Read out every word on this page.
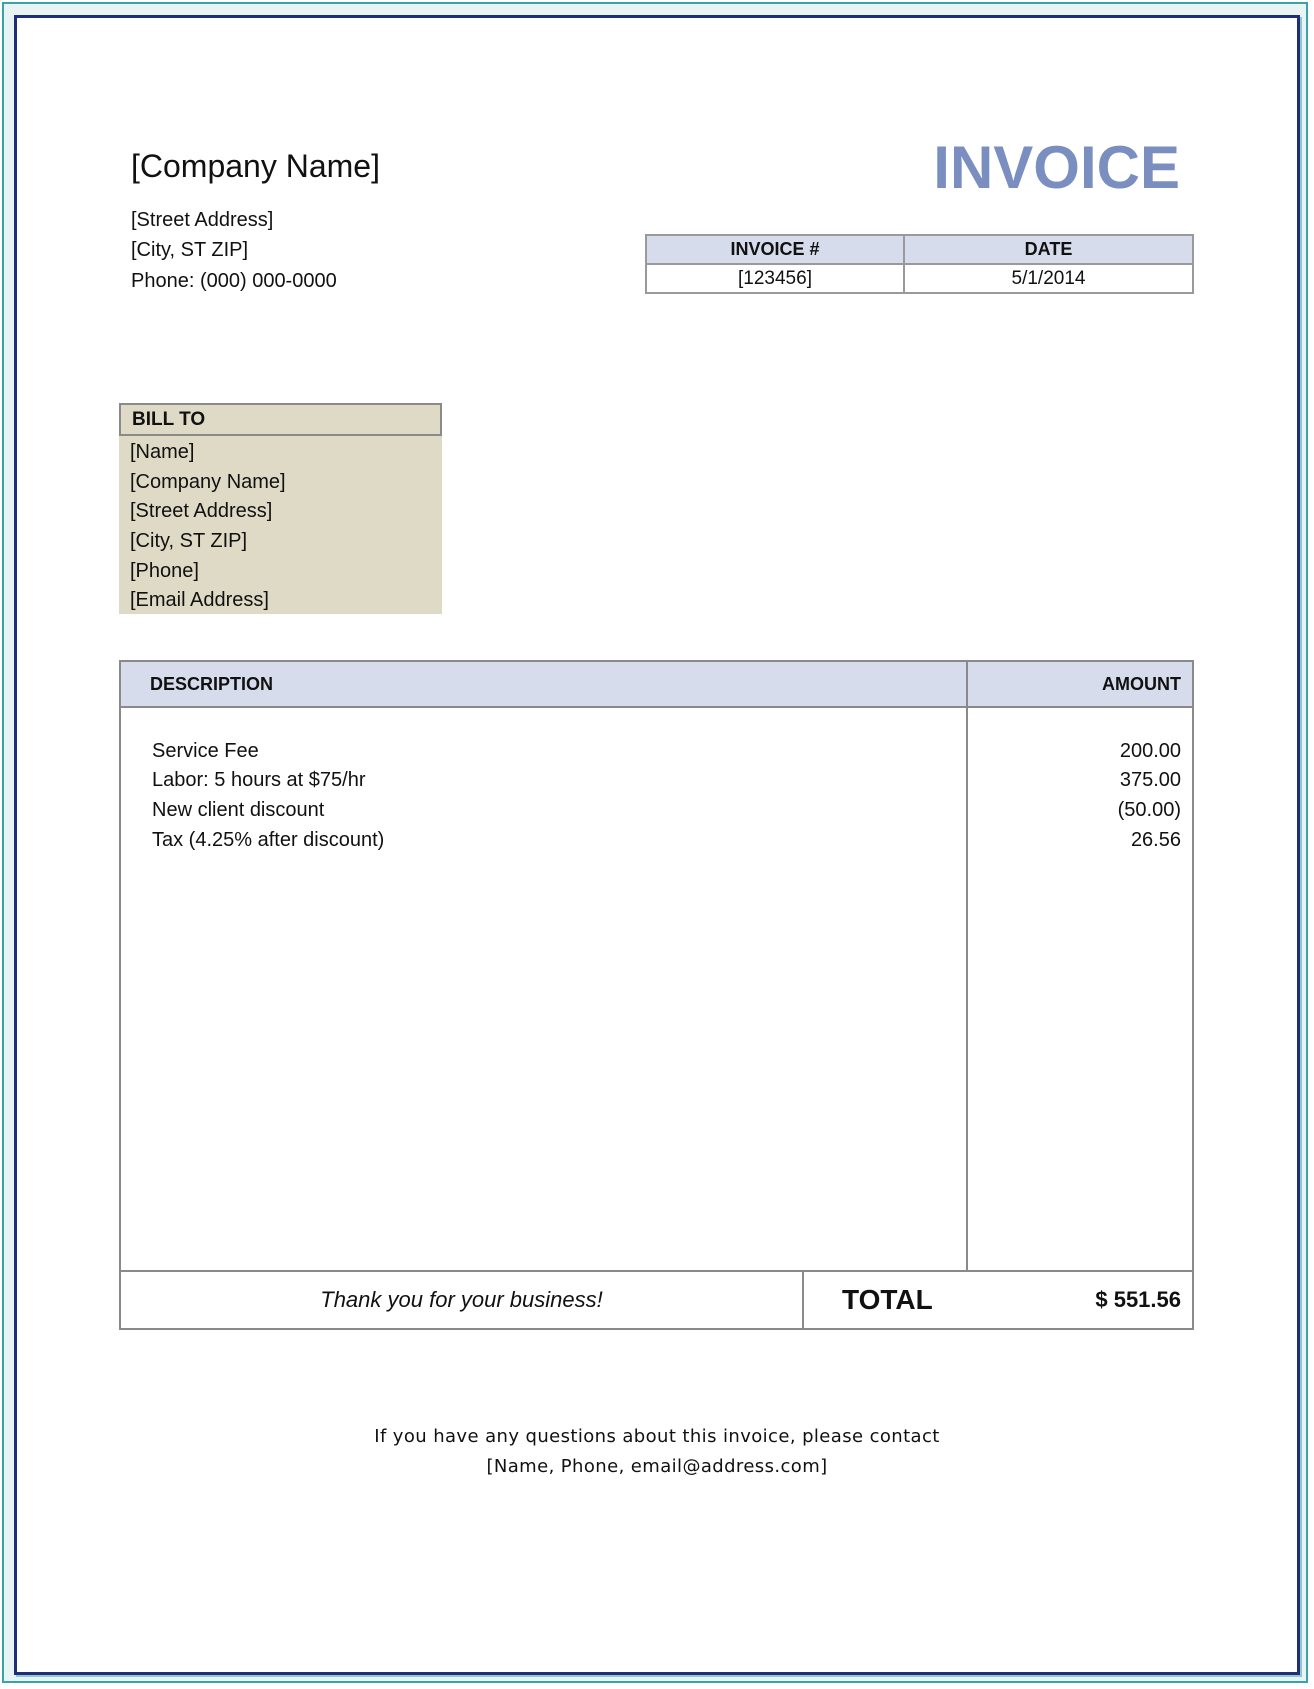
[Company Name]
[Street Address]
[City, ST ZIP]
Phone: (000) 000-0000
INVOICE
INVOICE #	DATE
[123456]	5/1/2014
BILL TO
[Name]
[Company Name]
[Street Address]
[City, ST ZIP]
[Phone]
[Email Address]
DESCRIPTION	AMOUNT
Service Fee	200.00
Labor: 5 hours at $75/hr	375.00
New client discount	(50.00)
Tax (4.25% after discount)	26.56
Thank you for your business!	TOTAL	$ 551.56
If you have any questions about this invoice, please contact
[Name, Phone, email@address.com]
